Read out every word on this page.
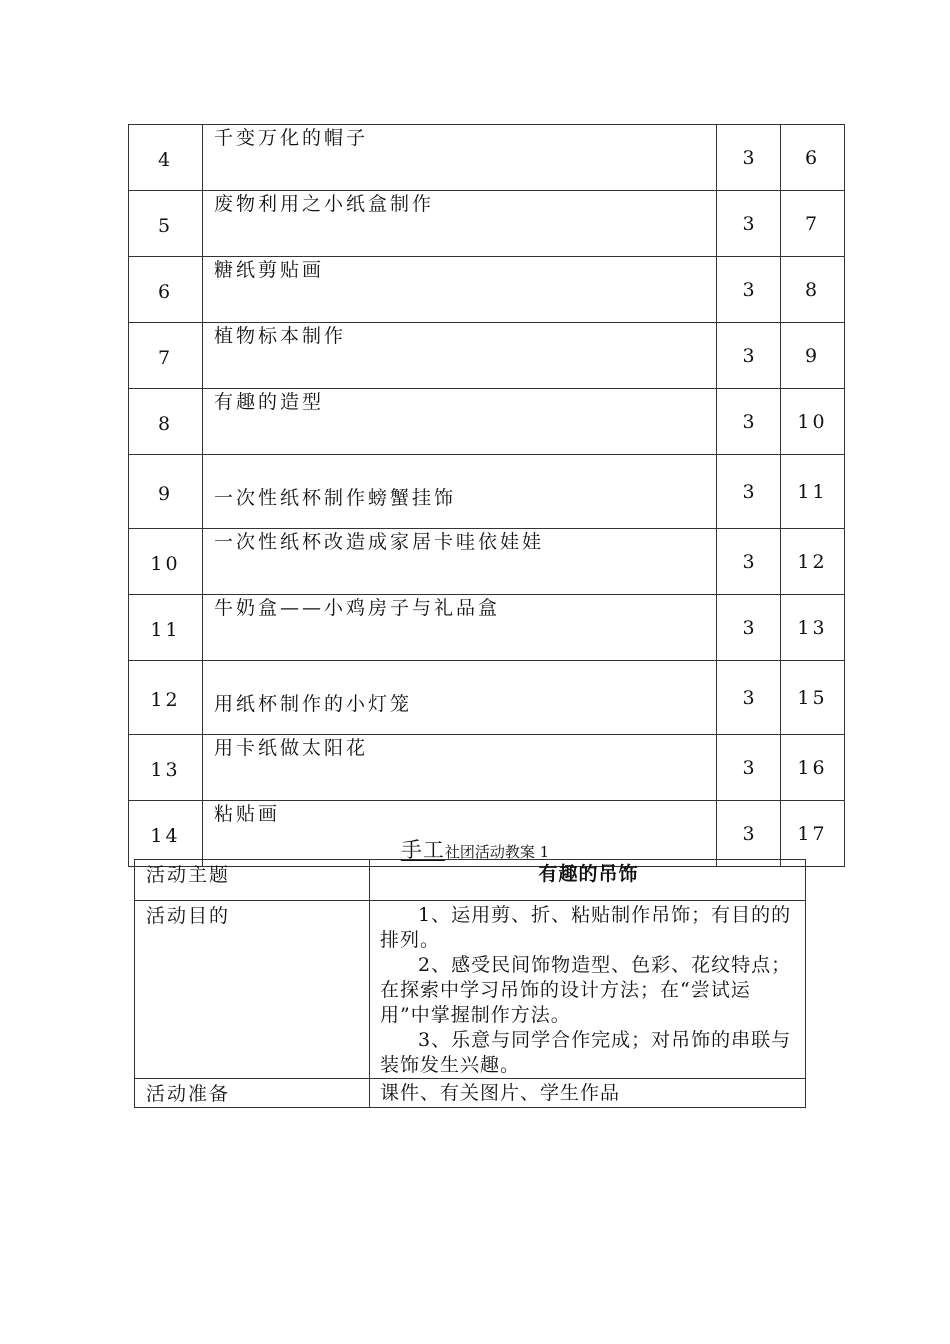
4	千变万化的帽子	3	6
5	废物利用之小纸盒制作	3	7
6	糖纸剪贴画	3	8
7	植物标本制作	3	9
8	有趣的造型	3	10
9	一次性纸杯制作螃蟹挂饰	3	11
10	一次性纸杯改造成家居卡哇依娃娃	3	12
11	牛奶盒——小鸡房子与礼品盒	3	13
12	用纸杯制作的小灯笼	3	15
13	用卡纸做太阳花	3	16
14	粘贴画	3	17
手工社团活动教案 1
活动主题	有趣的吊饰
活动目的	1、运用剪、折、粘贴制作吊饰；有目的的排列。

2、感受民间饰物造型、色彩、花纹特点；在探索中学习吊饰的设计方法；在“尝试运用”中掌握制作方法。

3、乐意与同学合作完成；对吊饰的串联与装饰发生兴趣。

活动准备	课件、有关图片、学生作品
